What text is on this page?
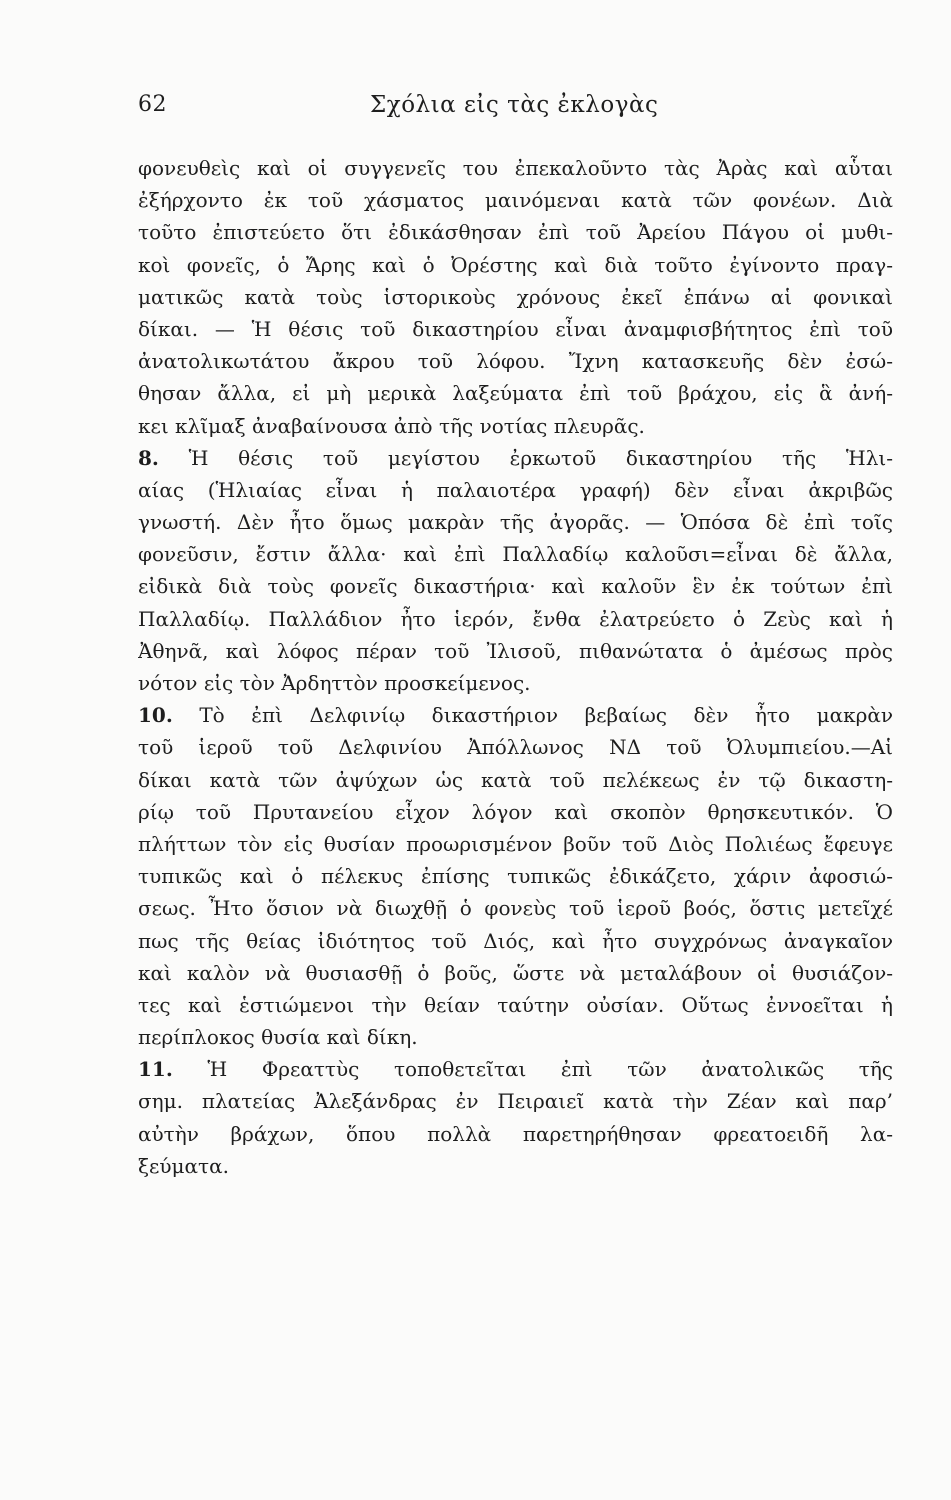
62	Σχόλια εἰς τὰς ἐκλογὰς
φονευθεὶς καὶ οἱ συγγενεῖς του ἐπεκαλοῦντο τὰς Ἀρὰς καὶ αὗται
ἐξήρχοντο ἐκ τοῦ χάσματος μαινόμεναι κατὰ τῶν φονέων. Διὰ
τοῦτο ἐπιστεύετο ὅτι ἐδικάσθησαν ἐπὶ τοῦ Ἀρείου Πάγου οἱ μυθι-
κοὶ φονεῖς, ὁ Ἄρης καὶ ὁ Ὀρέστης καὶ διὰ τοῦτο ἐγίνοντο πραγ-
ματικῶς κατὰ τοὺς ἱστορικοὺς χρόνους ἐκεῖ ἐπάνω αἱ φονικαὶ
δίκαι. — Ἡ θέσις τοῦ δικαστηρίου εἶναι ἀναμφισβήτητος ἐπὶ τοῦ
ἀνατολικωτάτου ἄκρου τοῦ λόφου. Ἴχνη κατασκευῆς δὲν ἐσώ-
θησαν ἄλλα, εἰ μὴ μερικὰ λαξεύματα ἐπὶ τοῦ βράχου, εἰς ἃ ἀνή-
κει κλῖμαξ ἀναβαίνουσα ἀπὸ τῆς νοτίας πλευρᾶς.
8. Ἡ θέσις τοῦ μεγίστου ἐρκωτοῦ δικαστηρίου τῆς Ἡλι-
αίας (Ἡλιαίας εἶναι ἡ παλαιοτέρα γραφή) δὲν εἶναι ἀκριβῶς
γνωστή. Δὲν ἦτο ὅμως μακρὰν τῆς ἀγορᾶς. — Ὁπόσα δὲ ἐπὶ τοῖς
φονεῦσιν, ἔστιν ἄλλα· καὶ ἐπὶ Παλλαδίῳ καλοῦσι=εἶναι δὲ ἄλλα,
εἰδικὰ διὰ τοὺς φονεῖς δικαστήρια· καὶ καλοῦν ἓν ἐκ τούτων ἐπὶ
Παλλαδίῳ. Παλλάδιον ἦτο ἱερόν, ἔνθα ἐλατρεύετο ὁ Ζεὺς καὶ ἡ
Ἀθηνᾶ, καὶ λόφος πέραν τοῦ Ἰλισοῦ, πιθανώτατα ὁ ἀμέσως πρὸς
νότον εἰς τὸν Ἀρδηττὸν προσκείμενος.
10. Τὸ ἐπὶ Δελφινίῳ δικαστήριον βεβαίως δὲν ἦτο μακρὰν
τοῦ ἱεροῦ τοῦ Δελφινίου Ἀπόλλωνος ΝΔ τοῦ Ὀλυμπιείου.—Αἱ
δίκαι κατὰ τῶν ἀψύχων ὡς κατὰ τοῦ πελέκεως ἐν τῷ δικαστη-
ρίῳ τοῦ Πρυτανείου εἶχον λόγον καὶ σκοπὸν θρησκευτικόν. Ὁ
πλήττων τὸν εἰς θυσίαν προωρισμένον βοῦν τοῦ Διὸς Πολιέως ἔφευγε
τυπικῶς καὶ ὁ πέλεκυς ἐπίσης τυπικῶς ἐδικάζετο, χάριν ἀφοσιώ-
σεως. Ἦτο ὅσιον νὰ διωχθῇ ὁ φονεὺς τοῦ ἱεροῦ βοός, ὅστις μετεῖχέ
πως τῆς θείας ἰδιότητος τοῦ Διός, καὶ ἦτο συγχρόνως ἀναγκαῖον
καὶ καλὸν νὰ θυσιασθῇ ὁ βοῦς, ὥστε νὰ μεταλάβουν οἱ θυσιάζον-
τες καὶ ἑστιώμενοι τὴν θείαν ταύτην οὐσίαν. Οὕτως ἐννοεῖται ἡ
περίπλοκος θυσία καὶ δίκη.
11. Ἡ Φρεαττὺς τοποθετεῖται ἐπὶ τῶν ἀνατολικῶς τῆς
σημ. πλατείας Ἀλεξάνδρας ἐν Πειραιεῖ κατὰ τὴν Ζέαν καὶ παρ’
αὐτὴν βράχων, ὅπου πολλὰ παρετηρήθησαν φρεατοειδῆ λα-
ξεύματα.
